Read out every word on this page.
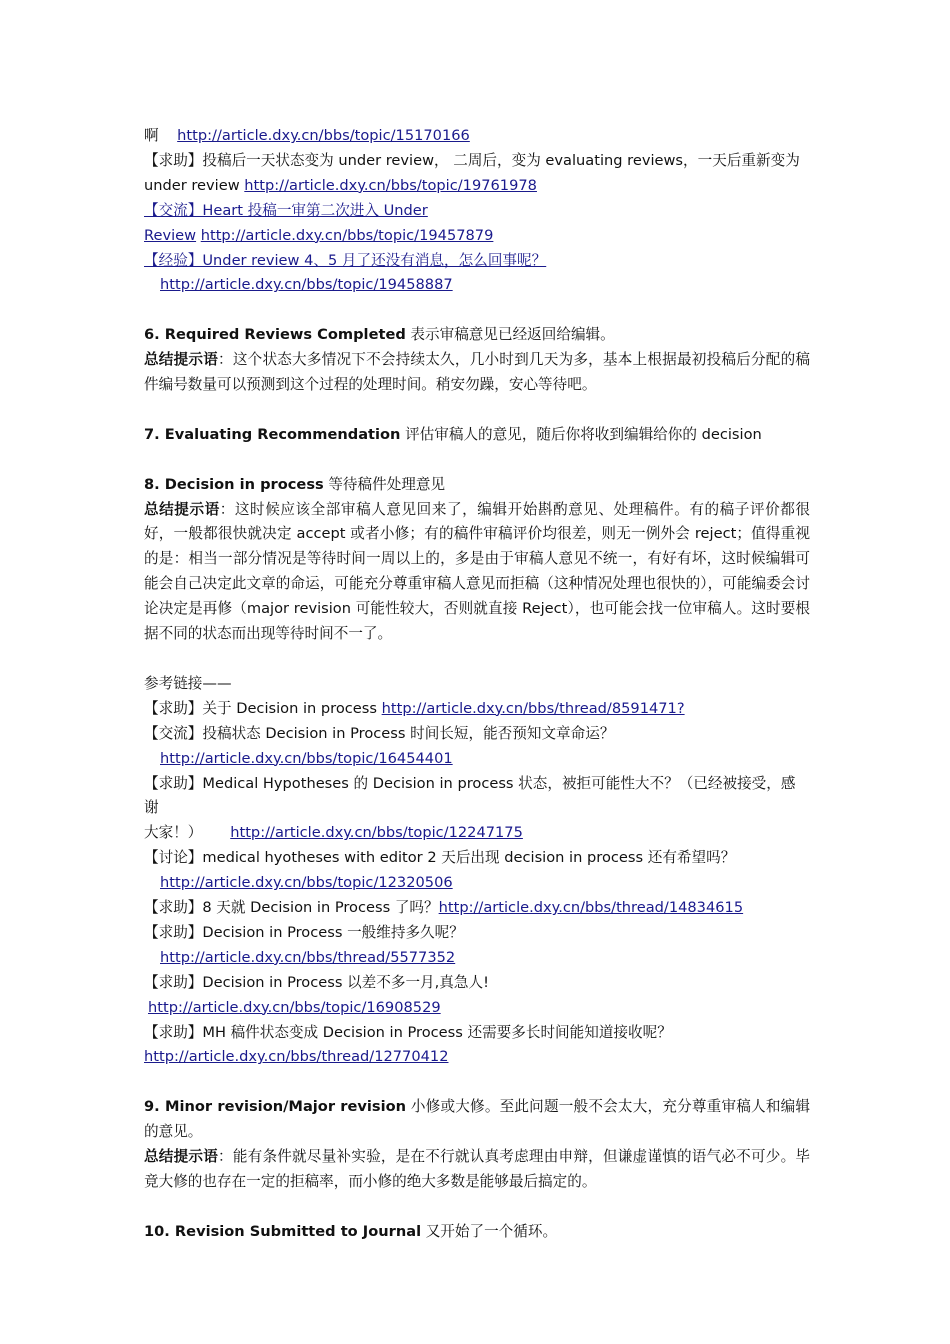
啊 http://article.dxy.cn/bbs/topic/15170166

【求助】投稿后一天状态变为 under review， 二周后，变为 evaluating reviews，一天后重新变为

under review http://article.dxy.cn/bbs/topic/19761978

【交流】Heart 投稿一审第二次进入 Under

Review http://article.dxy.cn/bbs/topic/19457879

【经验】Under review 4、5 月了还没有消息，怎么回事呢？

http://article.dxy.cn/bbs/topic/19458887

6. Required Reviews Completed 表示审稿意见已经返回给编辑。

总结提示语：这个状态大多情况下不会持续太久，几小时到几天为多，基本上根据最初投稿后分配的稿件编号数量可以预测到这个过程的处理时间。稍安勿躁，安心等待吧。

7. Evaluating Recommendation 评估审稿人的意见，随后你将收到编辑给你的 decision

8. Decision in process 等待稿件处理意见

总结提示语：这时候应该全部审稿人意见回来了，编辑开始斟酌意见、处理稿件。有的稿子评价都很好，一般都很快就决定 accept 或者小修；有的稿件审稿评价均很差，则无一例外会 reject；值得重视的是：相当一部分情况是等待时间一周以上的，多是由于审稿人意见不统一，有好有坏，这时候编辑可能会自己决定此文章的命运，可能充分尊重审稿人意见而拒稿（这种情况处理也很快的），可能编委会讨论决定是再修（major revision 可能性较大，否则就直接 Reject），也可能会找一位审稿人。这时要根据不同的状态而出现等待时间不一了。

参考链接——

【求助】关于 Decision in process http://article.dxy.cn/bbs/thread/8591471?

【交流】投稿状态 Decision in Process 时间长短，能否预知文章命运？

http://article.dxy.cn/bbs/topic/16454401

【求助】Medical Hypotheses 的 Decision in process 状态，被拒可能性大不？（已经被接受，感谢

大家！） http://article.dxy.cn/bbs/topic/12247175

【讨论】medical hyotheses with editor 2 天后出现 decision in process 还有希望吗？

http://article.dxy.cn/bbs/topic/12320506

【求助】8 天就 Decision in Process 了吗？http://article.dxy.cn/bbs/thread/14834615

【求助】Decision in Process 一般维持多久呢？

http://article.dxy.cn/bbs/thread/5577352

【求助】Decision in Process 以差不多一月,真急人!

http://article.dxy.cn/bbs/topic/16908529

【求助】MH 稿件状态变成 Decision in Process 还需要多长时间能知道接收呢？

http://article.dxy.cn/bbs/thread/12770412

9. Minor revision/Major revision 小修或大修。至此问题一般不会太大，充分尊重审稿人和编辑的意见。

总结提示语：能有条件就尽量补实验，是在不行就认真考虑理由申辩，但谦虚谨慎的语气必不可少。毕竟大修的也存在一定的拒稿率，而小修的绝大多数是能够最后搞定的。

10. Revision Submitted to Journal 又开始了一个循环。
